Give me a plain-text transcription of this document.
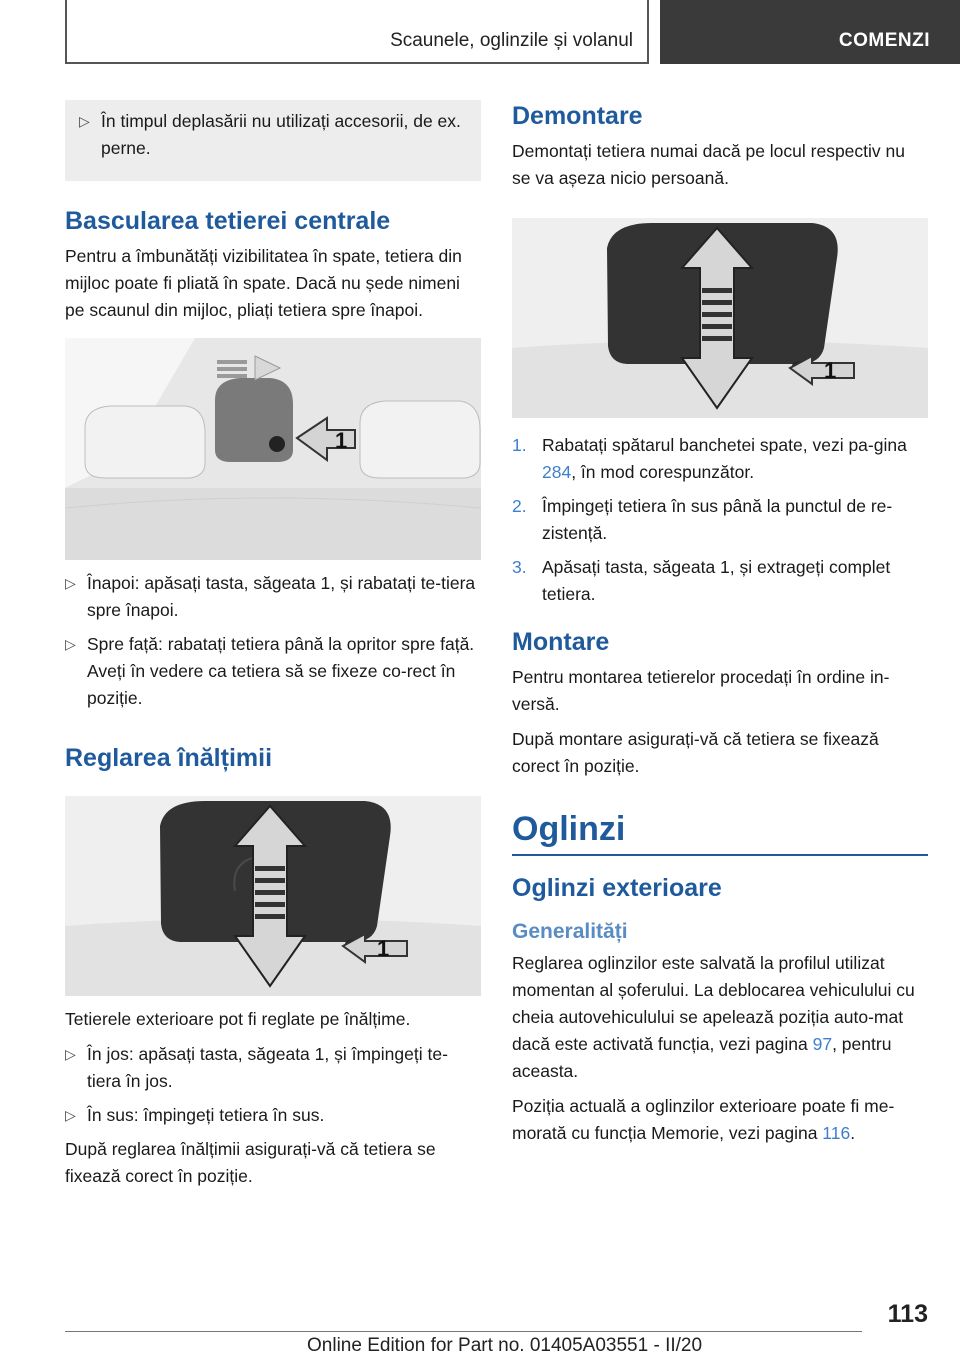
Scaunele, oglinzile și volanul	COMENZI
▷ În timpul deplasării nu utilizați accesorii, de ex. perne.
Bascularea tetierei centrale

Pentru a îmbunătăți vizibilitatea în spate, tetiera din mijloc poate fi pliată în spate. Dacă nu șede nimeni pe scaunul din mijloc, pliați tetiera spre înapoi.

1
▷ Înapoi: apăsați tasta, săgeata 1, și rabatați te-tiera spre înapoi.
▷ Spre față: rabatați tetiera până la opritor spre față. Aveți în vedere ca tetiera să se fixeze co-rect în poziție.
Reglarea înălțimii
1

Tetierele exterioare pot fi reglate pe înălțime.

▷ În jos: apăsați tasta, săgeata 1, și împingeți te-tiera în jos.
▷ În sus: împingeți tetiera în sus.

După reglarea înălțimii asigurați-vă că tetiera se fixează corect în poziție.

Demontare

Demontați tetiera numai dacă pe locul respectiv nu se va așeza nicio persoană.

1
1. Rabatați spătarul banchetei spate, vezi pa-gina 284, în mod corespunzător.
2. Împingeți tetiera în sus până la punctul de re-zistență.
3. Apăsați tasta, săgeata 1, și extrageți complet tetiera.
Montare

Pentru montarea tetierelor procedați în ordine in-versă.

După montare asigurați-vă că tetiera se fixează corect în poziție.

Oglinzi
Oglinzi exterioare
Generalități

Reglarea oglinzilor este salvată la profilul utilizat momentan al șoferului. La deblocarea vehiculului cu cheia autovehiculului se apelează poziția auto-mat dacă este activată funcția, vezi pagina 97, pentru aceasta.

Poziția actuală a oglinzilor exterioare poate fi me-morată cu funcția Memorie, vezi pagina 116.

113
Online Edition for Part no. 01405A03551 - II/20
